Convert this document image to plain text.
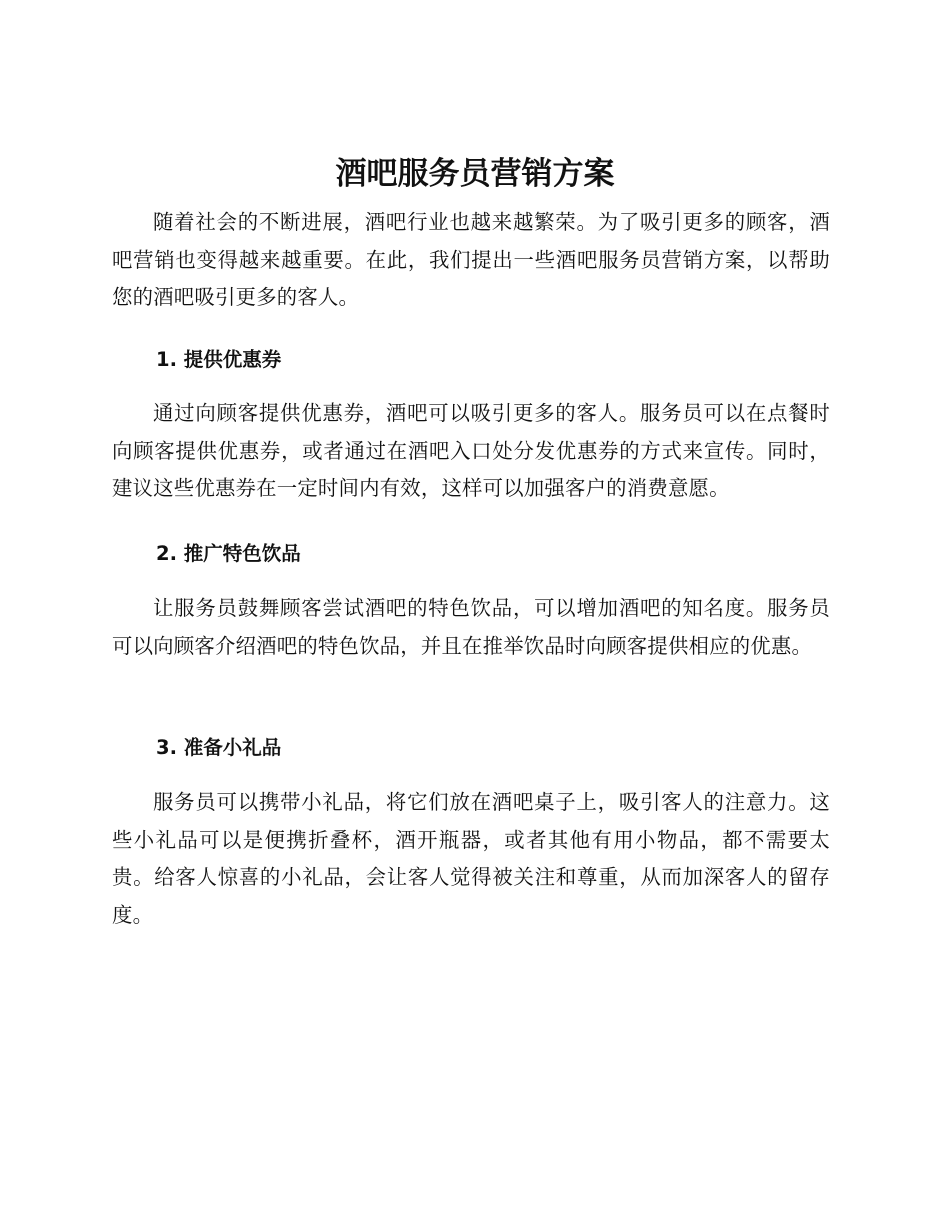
酒吧服务员营销方案

随着社会的不断进展，酒吧行业也越来越繁荣。为了吸引更多的顾客，酒吧营销也变得越来越重要。在此，我们提出一些酒吧服务员营销方案，以帮助您的酒吧吸引更多的客人。

1. 提供优惠券

通过向顾客提供优惠券，酒吧可以吸引更多的客人。服务员可以在点餐时向顾客提供优惠券，或者通过在酒吧入口处分发优惠券的方式来宣传。同时，建议这些优惠券在一定时间内有效，这样可以加强客户的消费意愿。

2. 推广特色饮品

让服务员鼓舞顾客尝试酒吧的特色饮品，可以增加酒吧的知名度。服务员可以向顾客介绍酒吧的特色饮品，并且在推举饮品时向顾客提供相应的优惠。

3. 准备小礼品

服务员可以携带小礼品，将它们放在酒吧桌子上，吸引客人的注意力。这些小礼品可以是便携折叠杯，酒开瓶器，或者其他有用小物品，都不需要太贵。给客人惊喜的小礼品，会让客人觉得被关注和尊重，从而加深客人的留存度。
